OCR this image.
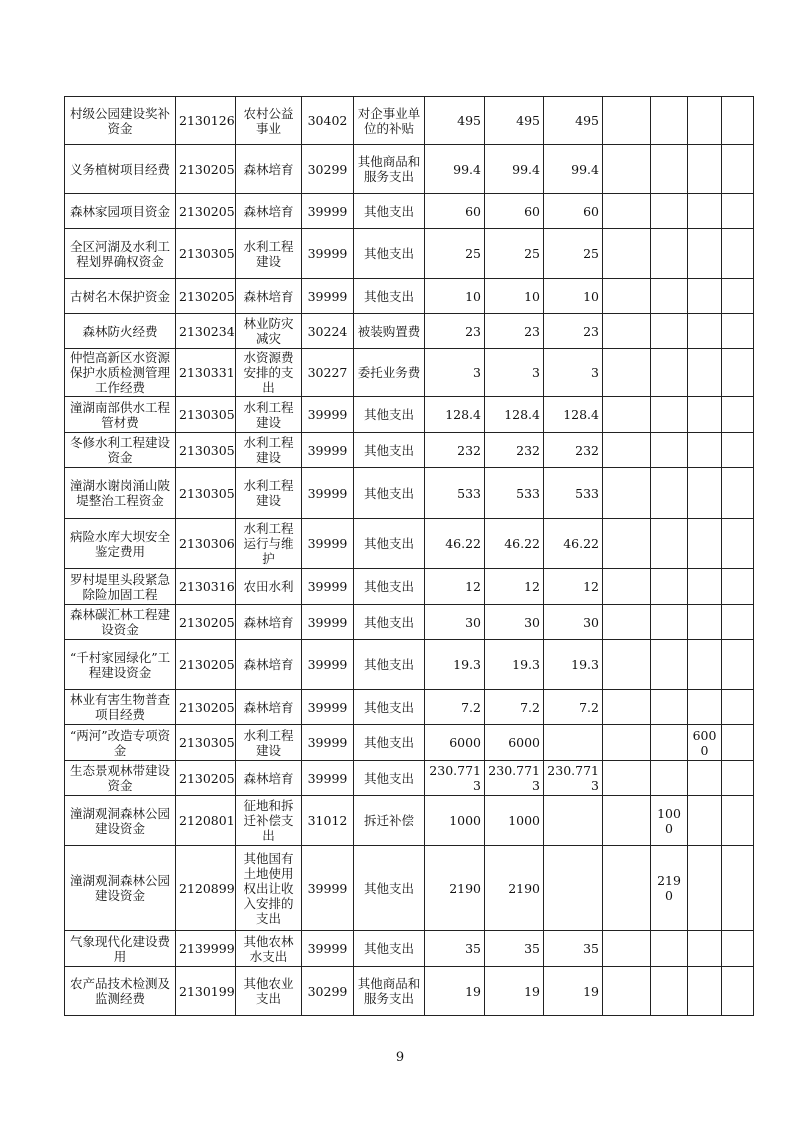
村级公园建设奖补资金	2130126	农村公益事业	30402	对企事业单位的补贴	495	495	495				
义务植树项目经费	2130205	森林培育	30299	其他商品和服务支出	99.4	99.4	99.4				
森林家园项目资金	2130205	森林培育	39999	其他支出	60	60	60				
全区河湖及水利工程划界确权资金	2130305	水利工程建设	39999	其他支出	25	25	25				
古树名木保护资金	2130205	森林培育	39999	其他支出	10	10	10				
森林防火经费	2130234	林业防灾减灾	30224	被装购置费	23	23	23				
仲恺高新区水资源保护水质检测管理工作经费	2130331	水资源费安排的支出	30227	委托业务费	3	3	3				
潼湖南部供水工程管材费	2130305	水利工程建设	39999	其他支出	128.4	128.4	128.4				
冬修水利工程建设资金	2130305	水利工程建设	39999	其他支出	232	232	232				
潼湖水谢岗涌山陂堤整治工程资金	2130305	水利工程建设	39999	其他支出	533	533	533				
病险水库大坝安全鉴定费用	2130306	水利工程运行与维护	39999	其他支出	46.22	46.22	46.22				
罗村堤里头段紧急除险加固工程	2130316	农田水利	39999	其他支出	12	12	12				
森林碳汇林工程建设资金	2130205	森林培育	39999	其他支出	30	30	30				
“千村家园绿化”工程建设资金	2130205	森林培育	39999	其他支出	19.3	19.3	19.3				
林业有害生物普查项目经费	2130205	森林培育	39999	其他支出	7.2	7.2	7.2				
“两河”改造专项资金	2130305	水利工程建设	39999	其他支出	6000	6000				6000	
生态景观林带建设资金	2130205	森林培育	39999	其他支出	230.7713	230.7713	230.7713				
潼湖观洞森林公园建设资金	2120801	征地和拆迁补偿支出	31012	拆迁补偿	1000	1000			1000		
潼湖观洞森林公园建设资金	2120899	其他国有土地使用权出让收入安排的支出	39999	其他支出	2190	2190			2190		
气象现代化建设费用	2139999	其他农林水支出	39999	其他支出	35	35	35				
农产品技术检测及监测经费	2130199	其他农业支出	30299	其他商品和服务支出	19	19	19				
9
